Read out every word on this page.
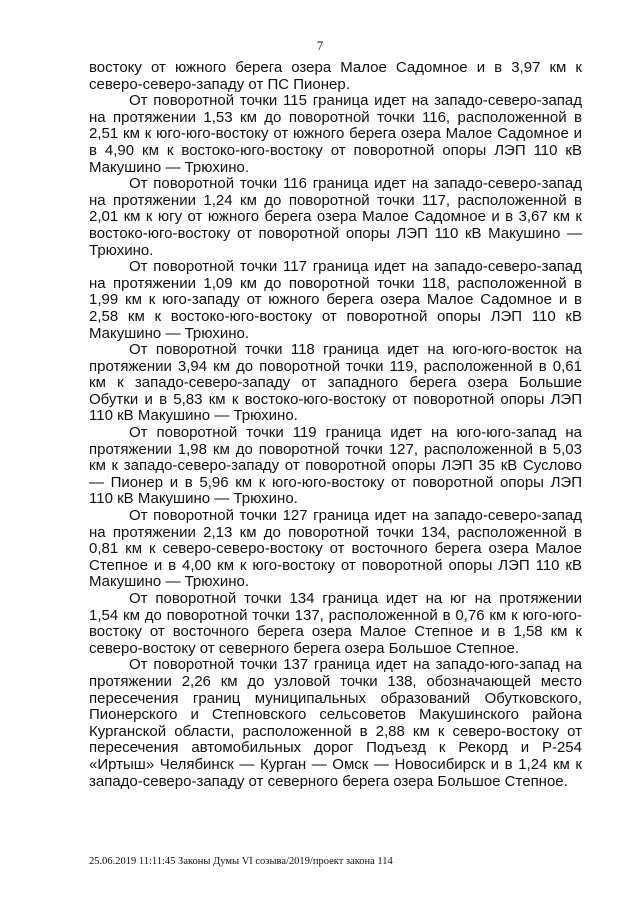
7

востоку от южного берега озера Малое Садомное и в 3,97 км к северо-северо-западу от ПС Пионер.

От поворотной точки 115 граница идет на западо-северо-запад на протяжении 1,53 км до поворотной точки 116, расположенной в 2,51 км к юго-юго-востоку от южного берега озера Малое Садомное и в 4,90 км к востоко-юго-востоку от поворотной опоры ЛЭП 110 кВ Макушино — Трюхино.

От поворотной точки 116 граница идет на западо-северо-запад на протяжении 1,24 км до поворотной точки 117, расположенной в 2,01 км к югу от южного берега озера Малое Садомное и в 3,67 км к востоко-юго-востоку от поворотной опоры ЛЭП 110 кВ Макушино — Трюхино.

От поворотной точки 117 граница идет на западо-северо-запад на протяжении 1,09 км до поворотной точки 118, расположенной в 1,99 км к юго-западу от южного берега озера Малое Садомное и в 2,58 км к востоко-юго-востоку от поворотной опоры ЛЭП 110 кВ Макушино — Трюхино.

От поворотной точки 118 граница идет на юго-юго-восток на протяжении 3,94 км до поворотной точки 119, расположенной в 0,61 км к западо-северо-западу от западного берега озера Большие Обутки и в 5,83 км к востоко-юго-востоку от поворотной опоры ЛЭП 110 кВ Макушино — Трюхино.

От поворотной точки 119 граница идет на юго-юго-запад на протяжении 1,98 км до поворотной точки 127, расположенной в 5,03 км к западо-северо-западу от поворотной опоры ЛЭП 35 кВ Суслово — Пионер и в 5,96 км к юго-юго-востоку от поворотной опоры ЛЭП 110 кВ Макушино — Трюхино.

От поворотной точки 127 граница идет на западо-северо-запад на протяжении 2,13 км до поворотной точки 134, расположенной в 0,81 км к северо-северо-востоку от восточного берега озера Малое Степное и в 4,00 км к юго-востоку от поворотной опоры ЛЭП 110 кВ Макушино — Трюхино.

От поворотной точки 134 граница идет на юг на протяжении 1,54 км до поворотной точки 137, расположенной в 0,76 км к юго-юго-востоку от восточного берега озера Малое Степное и в 1,58 км к северо-востоку от северного берега озера Большое Степное.

От поворотной точки 137 граница идет на западо-юго-запад на протяжении 2,26 км до узловой точки 138, обозначающей место пересечения границ муниципальных образований Обутковского, Пионерского и Степновского сельсоветов Макушинского района Курганской области, расположенной в 2,88 км к северо-востоку от пересечения автомобильных дорог Подъезд к Рекорд и Р-254 «Иртыш» Челябинск — Курган — Омск — Новосибирск и в 1,24 км к западо-северо-западу от северного берега озера Большое Степное.

25.06.2019 11:11:45 Законы Думы VI созыва/2019/проект закона 114
